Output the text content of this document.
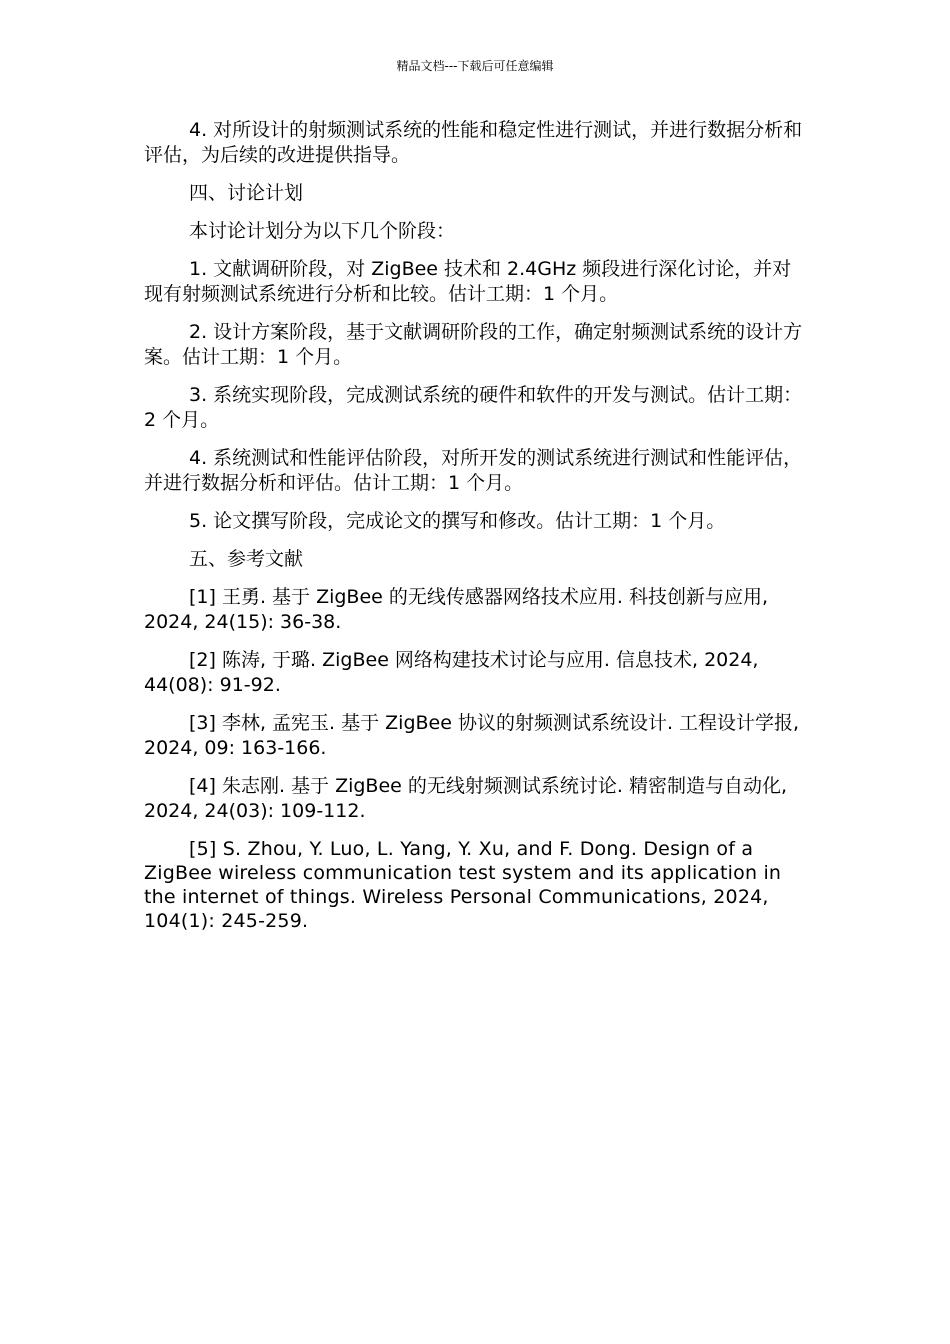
精品文档---下载后可任意编辑

4. 对所设计的射频测试系统的性能和稳定性进行测试，并进行数据分析和评估，为后续的改进提供指导。

四、讨论计划

本讨论计划分为以下几个阶段：

1. 文献调研阶段，对 ZigBee 技术和 2.4GHz 频段进行深化讨论，并对现有射频测试系统进行分析和比较。估计工期：1 个月。

2. 设计方案阶段，基于文献调研阶段的工作，确定射频测试系统的设计方案。估计工期：1 个月。

3. 系统实现阶段，完成测试系统的硬件和软件的开发与测试。估计工期：2 个月。

4. 系统测试和性能评估阶段，对所开发的测试系统进行测试和性能评估，并进行数据分析和评估。估计工期：1 个月。

5. 论文撰写阶段，完成论文的撰写和修改。估计工期：1 个月。

五、参考文献

[1] 王勇. 基于 ZigBee 的无线传感器网络技术应用. 科技创新与应用, 2024, 24(15): 36-38.

[2] 陈涛, 于璐. ZigBee 网络构建技术讨论与应用. 信息技术, 2024, 44(08): 91-92.

[3] 李林, 孟宪玉. 基于 ZigBee 协议的射频测试系统设计. 工程设计学报, 2024, 09: 163-166.

[4] 朱志刚. 基于 ZigBee 的无线射频测试系统讨论. 精密制造与自动化, 2024, 24(03): 109-112.

[5] S. Zhou, Y. Luo, L. Yang, Y. Xu, and F. Dong. Design of a ZigBee wireless communication test system and its application in the internet of things. Wireless Personal Communications, 2024, 104(1): 245-259.
